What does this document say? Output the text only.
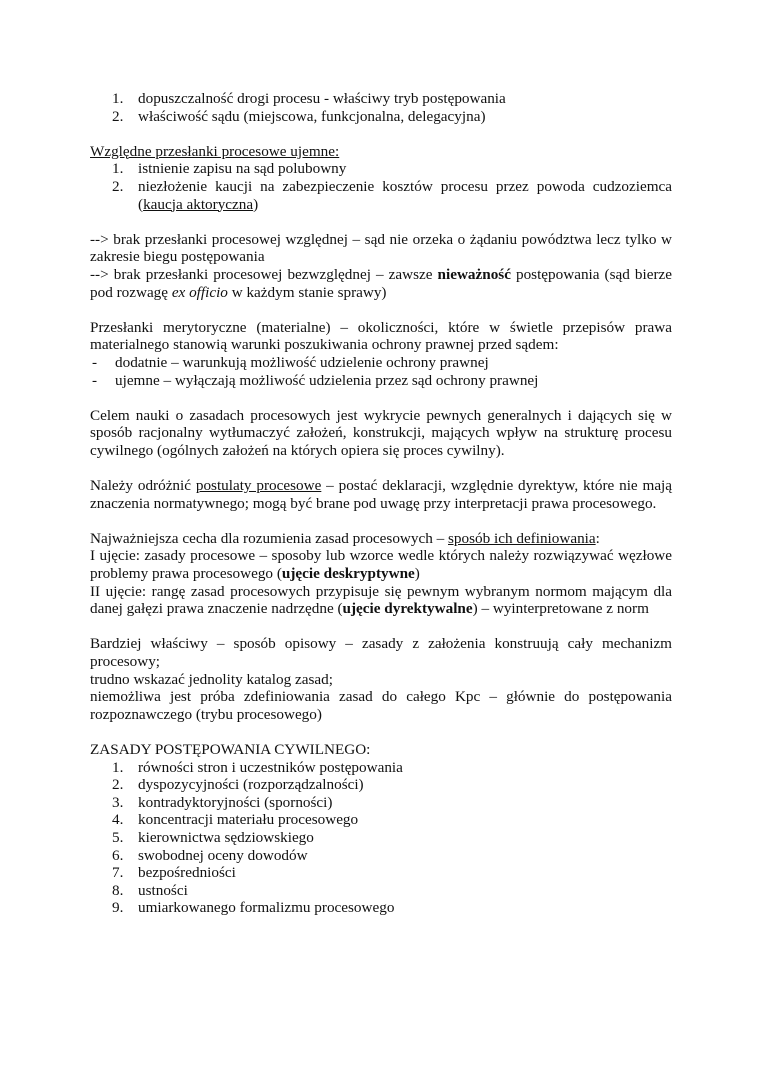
1. dopuszczalność drogi procesu - właściwy tryb postępowania
2. właściwość sądu (miejscowa, funkcjonalna, delegacyjna)

Względne przesłanki procesowe ujemne:

1. istnienie zapisu na sąd polubowny
2. niezłożenie kaucji na zabezpieczenie kosztów procesu przez powoda cudzoziemca (kaucja aktoryczna)

--> brak przesłanki procesowej względnej – sąd nie orzeka o żądaniu powództwa lecz tylko w zakresie biegu postępowania

--> brak przesłanki procesowej bezwzględnej – zawsze nieważność postępowania (sąd bierze pod rozwagę ex officio w każdym stanie sprawy)

Przesłanki merytoryczne (materialne) – okoliczności, które w świetle przepisów prawa materialnego stanowią warunki poszukiwania ochrony prawnej przed sądem:

- dodatnie – warunkują możliwość udzielenie ochrony prawnej
- ujemne – wyłączają możliwość udzielenia przez sąd ochrony prawnej

Celem nauki o zasadach procesowych jest wykrycie pewnych generalnych i dających się w sposób racjonalny wytłumaczyć założeń, konstrukcji, mających wpływ na strukturę procesu cywilnego (ogólnych założeń na których opiera się proces cywilny).

Należy odróżnić postulaty procesowe – postać deklaracji, względnie dyrektyw, które nie mają znaczenia normatywnego; mogą być brane pod uwagę przy interpretacji prawa procesowego.

Najważniejsza cecha dla rozumienia zasad procesowych – sposób ich definiowania:

I ujęcie: zasady procesowe – sposoby lub wzorce wedle których należy rozwiązywać węzłowe problemy prawa procesowego (ujęcie deskryptywne)

II ujęcie: rangę zasad procesowych przypisuje się pewnym wybranym normom mającym dla danej gałęzi prawa znaczenie nadrzędne (ujęcie dyrektywalne) – wyinterpretowane z norm

Bardziej właściwy – sposób opisowy – zasady z założenia konstruują cały mechanizm procesowy;

trudno wskazać jednolity katalog zasad;

niemożliwa jest próba zdefiniowania zasad do całego Kpc – głównie do postępowania rozpoznawczego (trybu procesowego)

ZASADY POSTĘPOWANIA CYWILNEGO:

1. równości stron i uczestników postępowania
2. dyspozycyjności (rozporządzalności)
3. kontradyktoryjności (sporności)
4. koncentracji materiału procesowego
5. kierownictwa sędziowskiego
6. swobodnej oceny dowodów
7. bezpośredniości
8. ustności
9. umiarkowanego formalizmu procesowego
